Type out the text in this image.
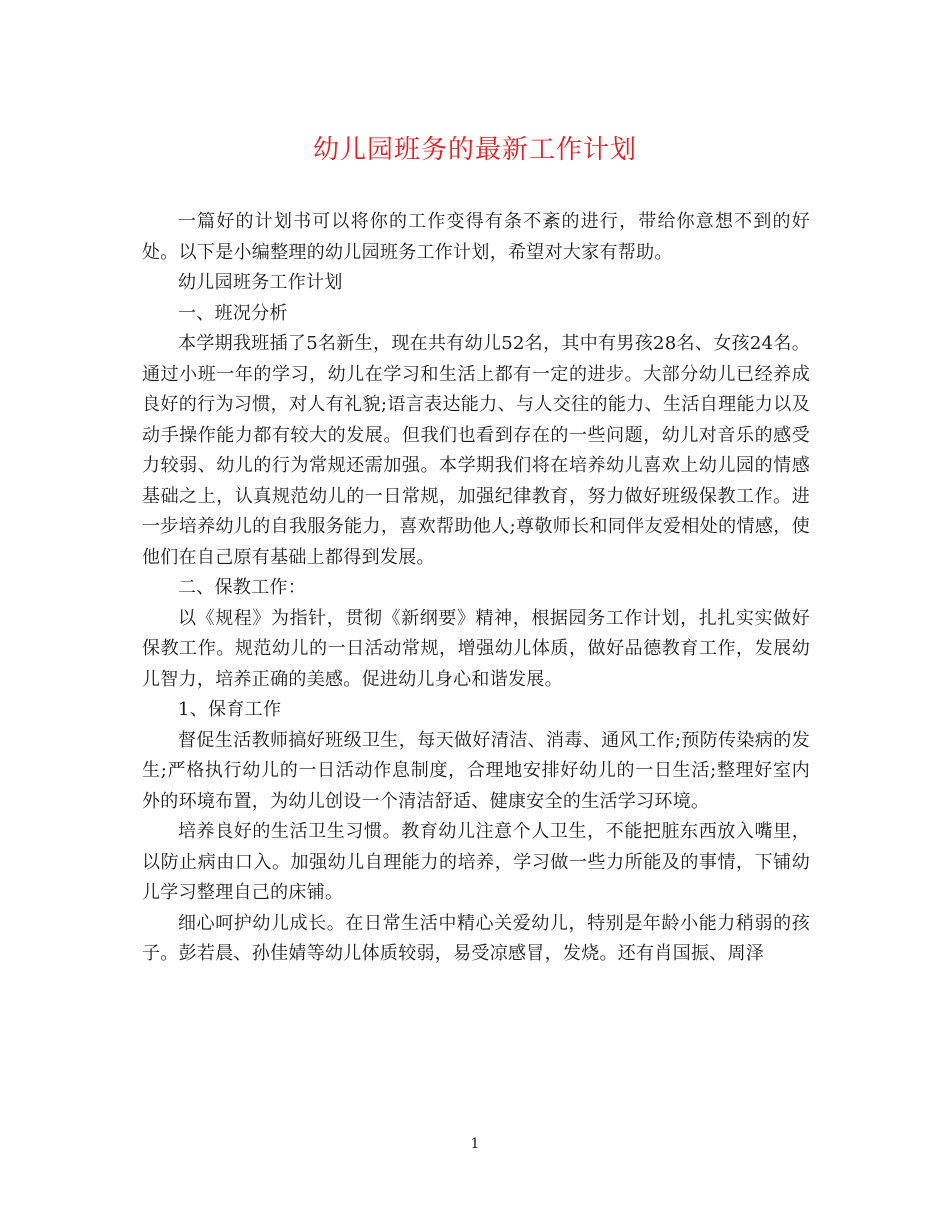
幼儿园班务的最新工作计划

一篇好的计划书可以将你的工作变得有条不紊的进行，带给你意想不到的好处。以下是小编整理的幼儿园班务工作计划，希望对大家有帮助。

幼儿园班务工作计划

一、班况分析

本学期我班插了5名新生，现在共有幼儿52名，其中有男孩28名、女孩24名。通过小班一年的学习，幼儿在学习和生活上都有一定的进步。大部分幼儿已经养成良好的行为习惯，对人有礼貌;语言表达能力、与人交往的能力、生活自理能力以及动手操作能力都有较大的发展。但我们也看到存在的一些问题，幼儿对音乐的感受力较弱、幼儿的行为常规还需加强。本学期我们将在培养幼儿喜欢上幼儿园的情感基础之上，认真规范幼儿的一日常规，加强纪律教育，努力做好班级保教工作。进一步培养幼儿的自我服务能力，喜欢帮助他人;尊敬师长和同伴友爱相处的情感，使他们在自己原有基础上都得到发展。

二、保教工作：

以《规程》为指针，贯彻《新纲要》精神，根据园务工作计划，扎扎实实做好保教工作。规范幼儿的一日活动常规，增强幼儿体质，做好品德教育工作，发展幼儿智力，培养正确的美感。促进幼儿身心和谐发展。

1、保育工作

督促生活教师搞好班级卫生，每天做好清洁、消毒、通风工作;预防传染病的发生;严格执行幼儿的一日活动作息制度，合理地安排好幼儿的一日生活;整理好室内外的环境布置，为幼儿创设一个清洁舒适、健康安全的生活学习环境。

培养良好的生活卫生习惯。教育幼儿注意个人卫生，不能把脏东西放入嘴里，以防止病由口入。加强幼儿自理能力的培养，学习做一些力所能及的事情，下铺幼儿学习整理自己的床铺。

细心呵护幼儿成长。在日常生活中精心关爱幼儿，特别是年龄小能力稍弱的孩子。彭若晨、孙佳婧等幼儿体质较弱，易受凉感冒，发烧。还有肖国振、周泽

1
